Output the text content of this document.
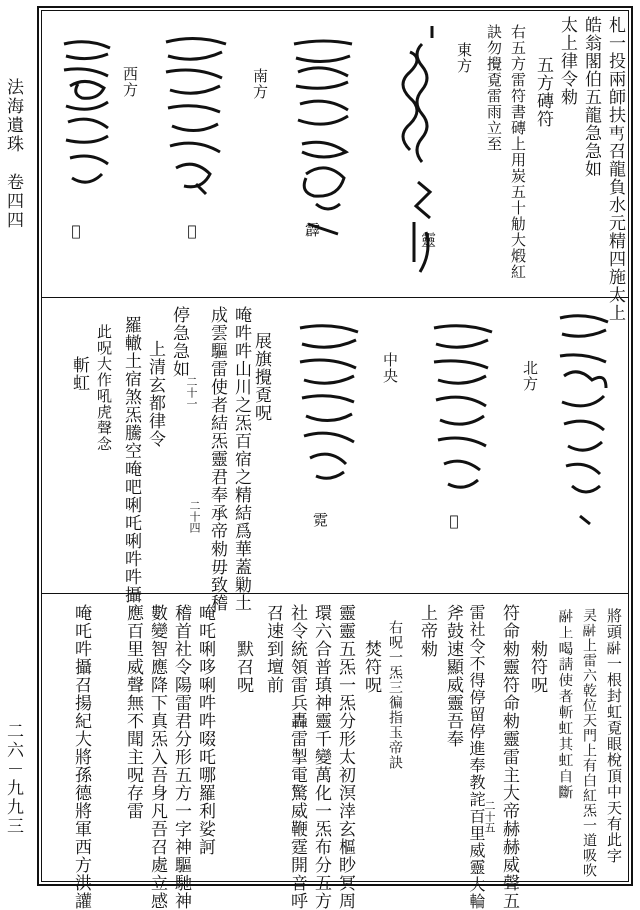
法海遺珠　卷四四
二六－九九三
札一投兩師扶𠃫召龍負水元精四施太上
皓翁閣伯五龍急急如
太上律令勑
五方磚符
右五方雷符書磚上用炭五十觔大煅紅
訣勿攪覔雷雨立至
東方
靈
霹
南方
𩅺
西方
𩆍
北方
𩆍
中央
霓
唵吽吽山川之炁百宿之精結爲華蓋勦土 展旗攪覔呪
成雲驅雷使者結炁靈君奉承帝勑毋致稽
二十四
二十一
停急急如
上清玄都律令
羅轍土宿煞炁騰空唵吧唎吒唎吽吽攝
此呪大作吼虎聲念
斬虹
將頭𩰫一根封虹覔眼梲頂中天有此字
㚑𩰫上雷六乾位天門上有白紅炁一道吸吹
𩰫上喝請使者斬虹其虹自斷
勑符呪
符命勑靈符命勑靈雷主大帝赫赫威聲五
二十五
雷社令不得停留停進奉教詫百里威靈大輪
斧鼓速顯威靈吾奉
上帝勑
右呪一炁三徧指玉帝訣
焚符呪
靈靈五炁一炁分形太初溟涬玄樞眇冥周
環六合普瑱神靈千變萬化一炁布分五方
社令統領雷兵轟雷掣電驚威鞭霆開音呼
召速到壇前
默召呪
唵吒唎哆唎吽吽啜吒哪羅利娑訶
稽首社令陽雷君分形五方一字神驅馳神
數變智應降下真炁入吾身凡吾召處立感
應百里威聲無不聞主呪存雷
唵吒吽攝召揚紀大將孫德將軍西方洪讙
